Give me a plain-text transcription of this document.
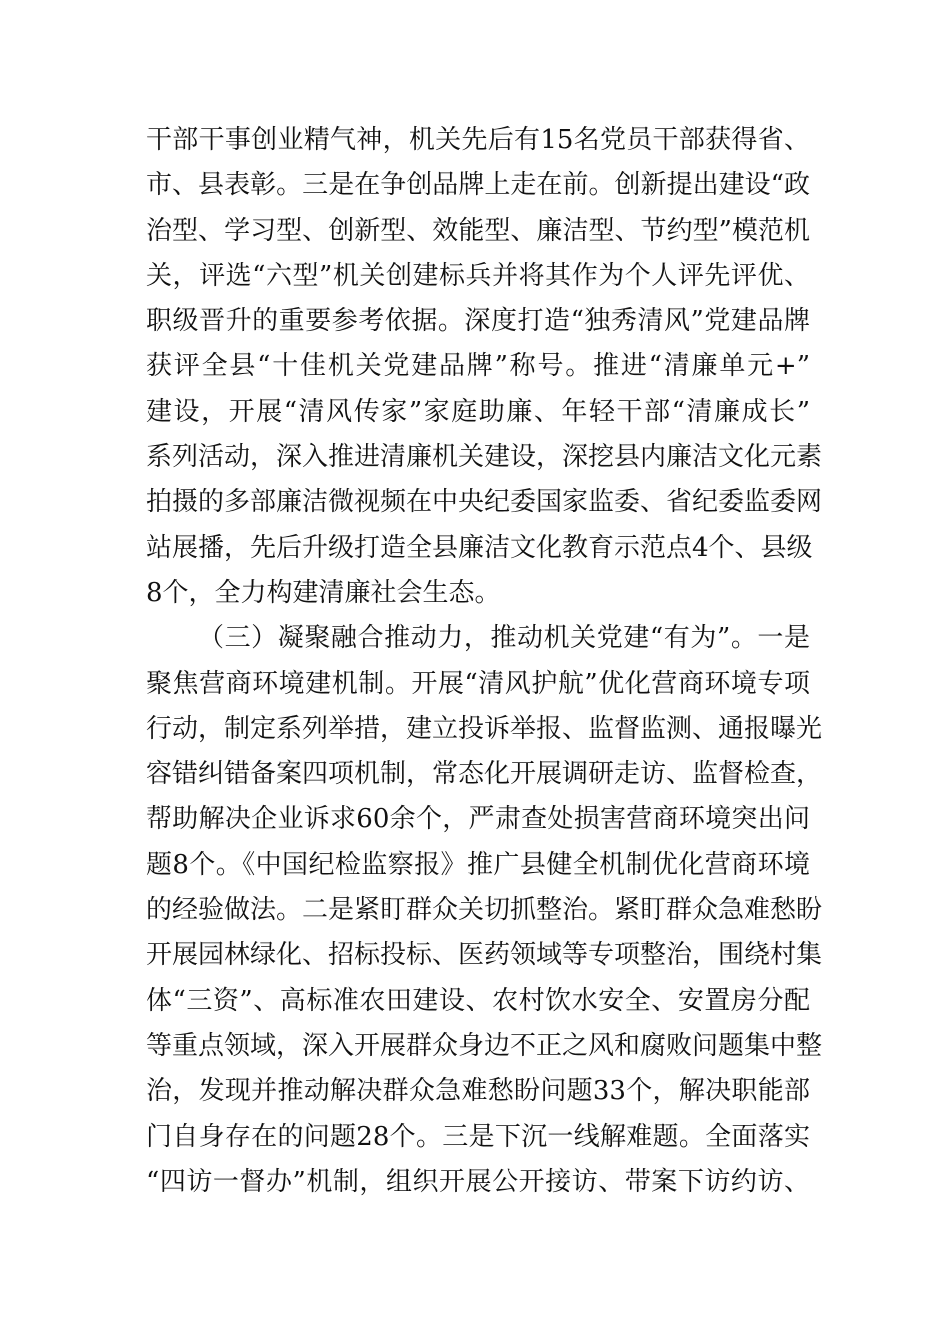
干部干事创业精气神，机关先后有15名党员干部获得省、
市、县表彰。三是在争创品牌上走在前。创新提出建设“政
治型、学习型、创新型、效能型、廉洁型、节约型”模范机
关，评选“六型”机关创建标兵并将其作为个人评先评优、
职级晋升的重要参考依据。深度打造“独秀清风”党建品牌
获评全县“十佳机关党建品牌”称号。推进“清廉单元+”
建设，开展“清风传家”家庭助廉、年轻干部“清廉成长”
系列活动，深入推进清廉机关建设，深挖县内廉洁文化元素
拍摄的多部廉洁微视频在中央纪委国家监委、省纪委监委网
站展播，先后升级打造全县廉洁文化教育示范点4个、县级
8个，全力构建清廉社会生态。
（三）凝聚融合推动力，推动机关党建“有为”。一是
聚焦营商环境建机制。开展“清风护航”优化营商环境专项
行动，制定系列举措，建立投诉举报、监督监测、通报曝光
容错纠错备案四项机制，常态化开展调研走访、监督检查，
帮助解决企业诉求60余个，严肃查处损害营商环境突出问
题8个。《中国纪检监察报》推广县健全机制优化营商环境
的经验做法。二是紧盯群众关切抓整治。紧盯群众急难愁盼
开展园林绿化、招标投标、医药领域等专项整治，围绕村集
体“三资”、高标准农田建设、农村饮水安全、安置房分配
等重点领域，深入开展群众身边不正之风和腐败问题集中整
治，发现并推动解决群众急难愁盼问题33个，解决职能部
门自身存在的问题28个。三是下沉一线解难题。全面落实
“四访一督办”机制，组织开展公开接访、带案下访约访、
